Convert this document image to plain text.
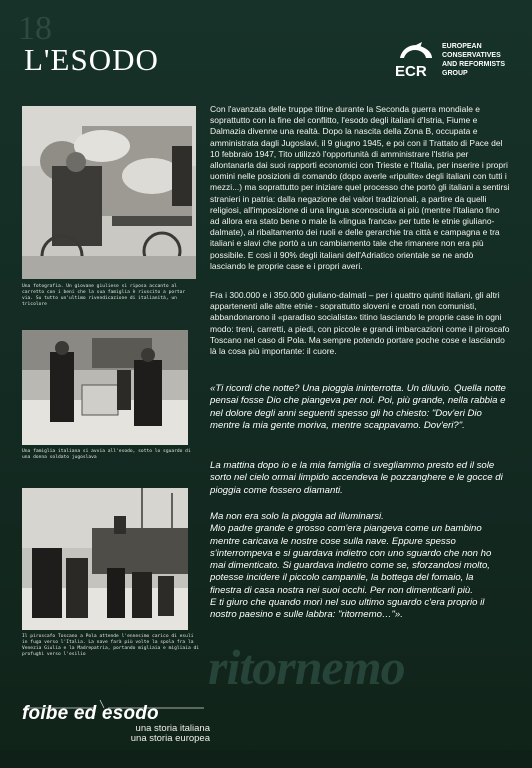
18
L'ESODO	ECR
EUROPEAN
CONSERVATIVES
AND REFORMISTS
GROUP
Una fotografia. Un giovane giuliese si riposa accanto al carretto con i beni che la sua famiglia è riuscito a portar via. Su tutto un'ultimo rivendicazione di italianità, un tricolore
Una famiglia italiana si avvia all'esodo, sotto lo sguardo di una donna soldato jugoslava
Il piroscafo Toscano a Pola attende l'ennesimo carico di esuli in fuga verso l'Italia. La nave farà più volte la spola fra la Venezia Giulia e la Madrepatria, portando migliaia e migliaia di profughi verso l'esilio

Con l'avanzata delle truppe titine durante la Seconda guerra mondiale e soprattutto con la fine del conflitto, l'esodo degli italiani d'Istria, Fiume e Dalmazia divenne una realtà. Dopo la nascita della Zona B, occupata e amministrata dagli Jugoslavi, il 9 giugno 1945, e poi con il Trattato di Pace del 10 febbraio 1947, Tito utilizzò l'opportunità di amministrare l'Istria per allontanarla dai suoi rapporti economici con Trieste e l'Italia, per inserire i propri uomini nelle posizioni di comando (dopo averle «ripulite» degli italiani con tutti i mezzi...) ma soprattutto per iniziare quel processo che portò gli italiani a sentirsi stranieri in patria: dalla negazione dei valori tradizionali, a partire da quelli religiosi, all'imposizione di una lingua sconosciuta ai più (mentre l'italiano fino ad allora era stato bene o male la «lingua franca» per tutte le etnie giuliano-dalmate), al ribaltamento dei ruoli e delle gerarchie tra città e campagna e tra italiani e slavi che portò a un cambiamento tale che rimanere non era più possibile. E così il 90% degli italiani dell'Adriatico orientale se ne andò lasciando le proprie case e i propri averi.

Fra i 300.000 e i 350.000 giuliano-dalmati – per i quattro quinti italiani, gli altri appartenenti alle altre etnie - soprattutto sloveni e croati non comunisti, abbandonarono il «paradiso socialista» titino lasciando le proprie case in ogni modo: treni, carretti, a piedi, con piccole e grandi imbarcazioni come il piroscafo Toscano nel caso di Pola. Ma sempre potendo portare poche cose e lasciando là la cosa più importante: il cuore.

«Ti ricordi che notte? Una pioggia ininterrotta. Un diluvio. Quella notte pensai fosse Dio che piangeva per noi. Poi, più grande, nella rabbia e nel dolore degli anni seguenti spesso gli ho chiesto: "Dov'eri Dio mentre la mia gente moriva, mentre scappavamo. Dov'eri?".

La mattina dopo io e la mia famiglia ci svegliammo presto ed il sole sorto nel cielo ormai limpido accendeva le pozzanghere e le gocce di pioggia come fossero diamanti.

Ma non era solo la pioggia ad illuminarsi.
Mio padre grande e grosso com'era piangeva come un bambino mentre caricava le nostre cose sulla nave. Eppure spesso s'interrompeva e si guardava indietro con uno sguardo che non ho mai dimenticato. Si guardava indietro come se, sforzandosi molto, potesse incidere il piccolo campanile, la bottega del fornaio, la finestra di casa nostra nei suoi occhi. Per non dimenticarli più.
E ti giuro che quando morì nel suo ultimo sguardo c'era proprio il nostro paesino e sulle labbra: "ritornemo…"».

ritornemo
foibe ed esodo
una storia italiana
una storia europea
